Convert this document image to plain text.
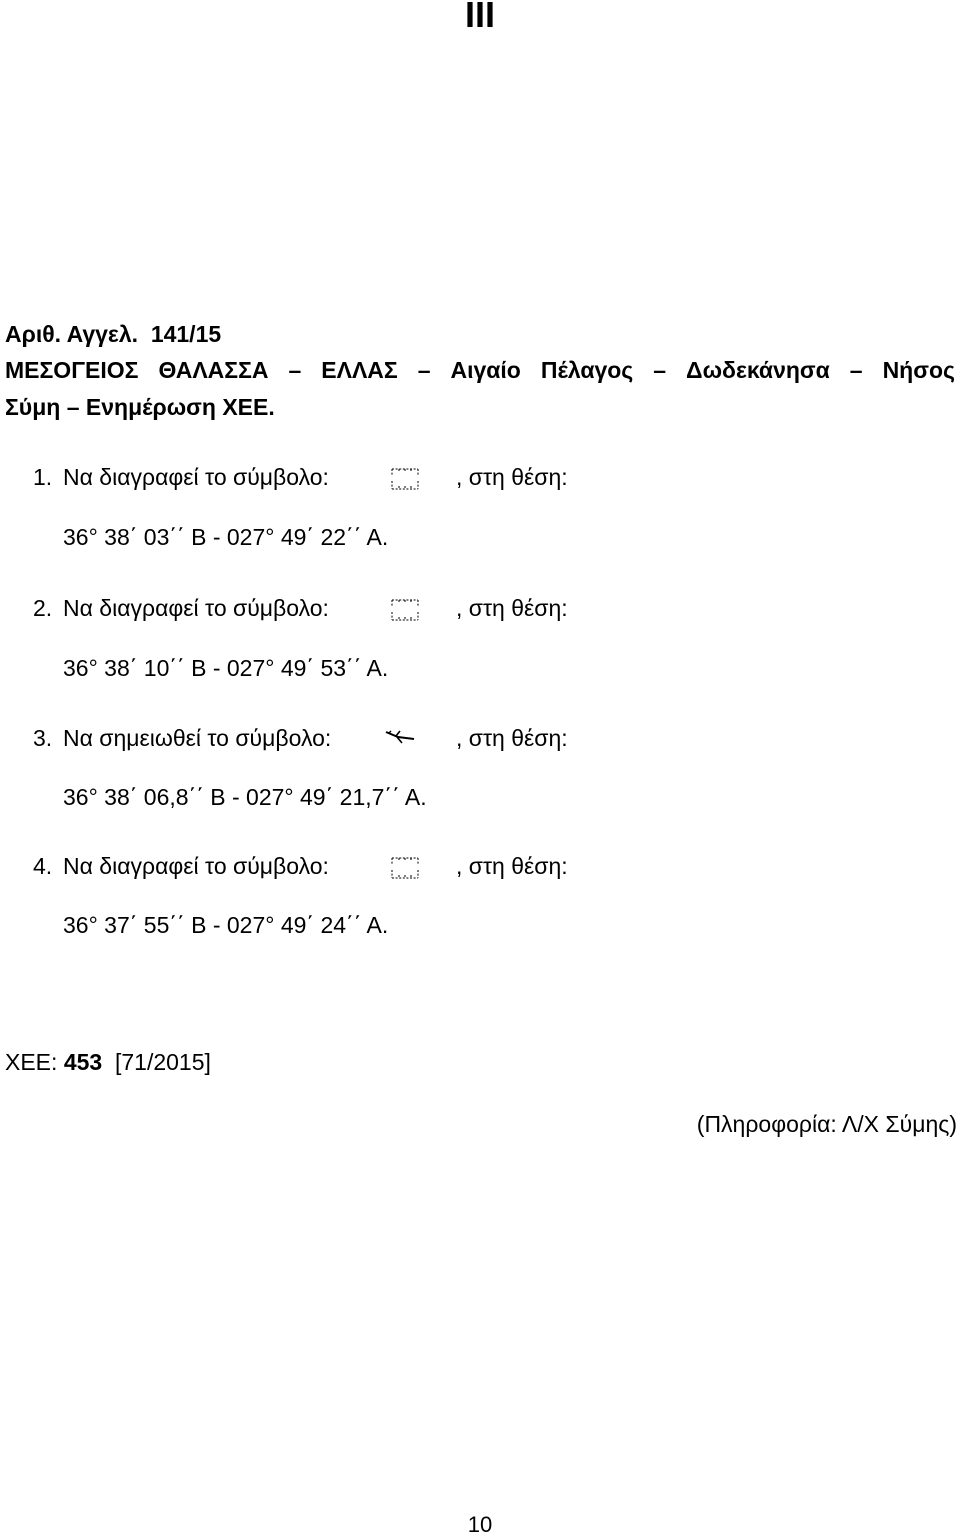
III
Αριθ. Αγγελ. 141/15
ΜΕΣΟΓΕΙΟΣ ΘΑΛΑΣΣΑ – ΕΛΛΑΣ – Αιγαίο Πέλαγος – Δωδεκάνησα – Νήσος
Σύμη – Ενημέρωση ΧΕΕ.
1. Να διαγραφεί το σύμβολο:	, στη θέση:
36° 38΄ 03΄΄ Β - 027° 49΄ 22΄΄ Α.
2. Να διαγραφεί το σύμβολο:	, στη θέση:
36° 38΄ 10΄΄ Β - 027° 49΄ 53΄΄ Α.
3. Να σημειωθεί το σύμβολο:	, στη θέση:
36° 38΄ 06,8΄΄ Β - 027° 49΄ 21,7΄΄ Α.
4. Να διαγραφεί το σύμβολο:	, στη θέση:
36° 37΄ 55΄΄ Β - 027° 49΄ 24΄΄ Α.
ΧΕΕ: 453 [71/2015]
(Πληροφορία: Λ/Χ Σύμης)
10
